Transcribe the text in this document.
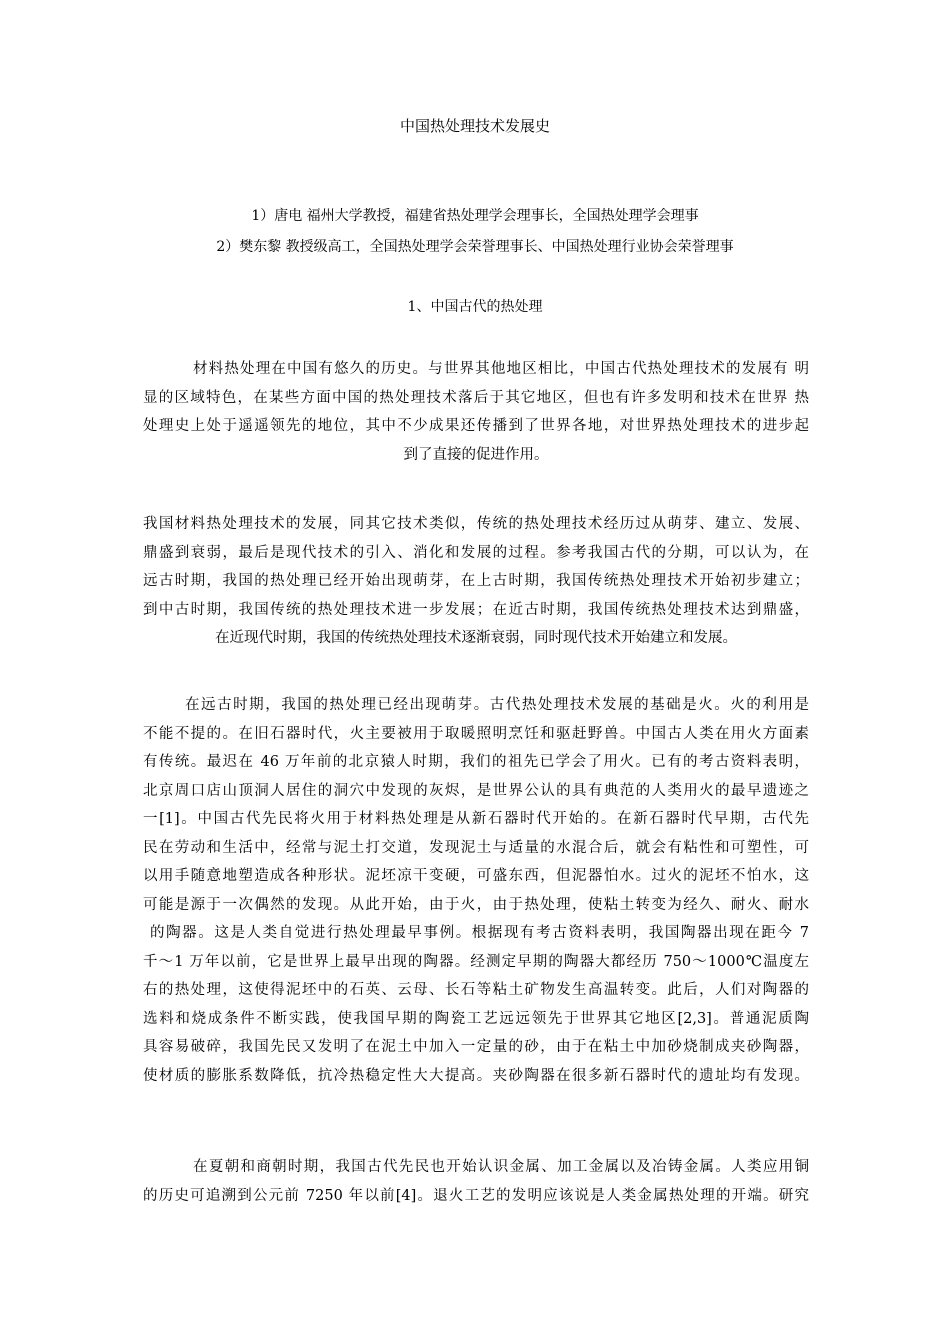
中国热处理技术发展史
1）唐电 福州大学教授，福建省热处理学会理事长，全国热处理学会理事
2）樊东黎 教授级高工，全国热处理学会荣誉理事长、中国热处理行业协会荣誉理事
1、中国古代的热处理
材料热处理在中国有悠久的历史。与世界其他地区相比，中国古代热处理技术的发展有 明
显的区域特色，在某些方面中国的热处理技术落后于其它地区，但也有许多发明和技术在世界 热
处理史上处于遥遥领先的地位，其中不少成果还传播到了世界各地，对世界热处理技术的进步起
到了直接的促进作用。
我国材料热处理技术的发展，同其它技术类似，传统的热处理技术经历过从萌芽、建立、发展、
鼎盛到衰弱，最后是现代技术的引入、消化和发展的过程。参考我国古代的分期，可以认为，在
远古时期，我国的热处理已经开始出现萌芽，在上古时期，我国传统热处理技术开始初步建立；
到中古时期，我国传统的热处理技术进一步发展；在近古时期，我国传统热处理技术达到鼎盛，
在近现代时期，我国的传统热处理技术逐渐衰弱，同时现代技术开始建立和发展。
在远古时期，我国的热处理已经出现萌芽。古代热处理技术发展的基础是火。火的利用是
不能不提的。在旧石器时代，火主要被用于取暖照明烹饪和驱赶野兽。中国古人类在用火方面素
有传统。最迟在 46 万年前的北京猿人时期，我们的祖先已学会了用火。已有的考古资料表明，
北京周口店山顶洞人居住的洞穴中发现的灰烬，是世界公认的具有典范的人类用火的最早遗迹之
一[1]。中国古代先民将火用于材料热处理是从新石器时代开始的。在新石器时代早期，古代先
民在劳动和生活中，经常与泥土打交道，发现泥土与适量的水混合后，就会有粘性和可塑性，可
以用手随意地塑造成各种形状。泥坯凉干变硬，可盛东西，但泥器怕水。过火的泥坯不怕水，这
可能是源于一次偶然的发现。从此开始，由于火，由于热处理，使粘土转变为经久、耐火、耐水
的陶器。这是人类自觉进行热处理最早事例。根据现有考古资料表明，我国陶器出现在距今 7
千～1 万年以前，它是世界上最早出现的陶器。经测定早期的陶器大都经历 750～1000℃温度左
右的热处理，这使得泥坯中的石英、云母、长石等粘土矿物发生高温转变。此后，人们对陶器的
选料和烧成条件不断实践，使我国早期的陶瓷工艺远远领先于世界其它地区[2,3]。普通泥质陶
具容易破碎，我国先民又发明了在泥土中加入一定量的砂，由于在粘土中加砂烧制成夹砂陶器，
使材质的膨胀系数降低，抗冷热稳定性大大提高。夹砂陶器在很多新石器时代的遗址均有发现。
在夏朝和商朝时期，我国古代先民也开始认识金属、加工金属以及冶铸金属。人类应用铜
的历史可追溯到公元前 7250 年以前[4]。退火工艺的发明应该说是人类金属热处理的开端。研究
